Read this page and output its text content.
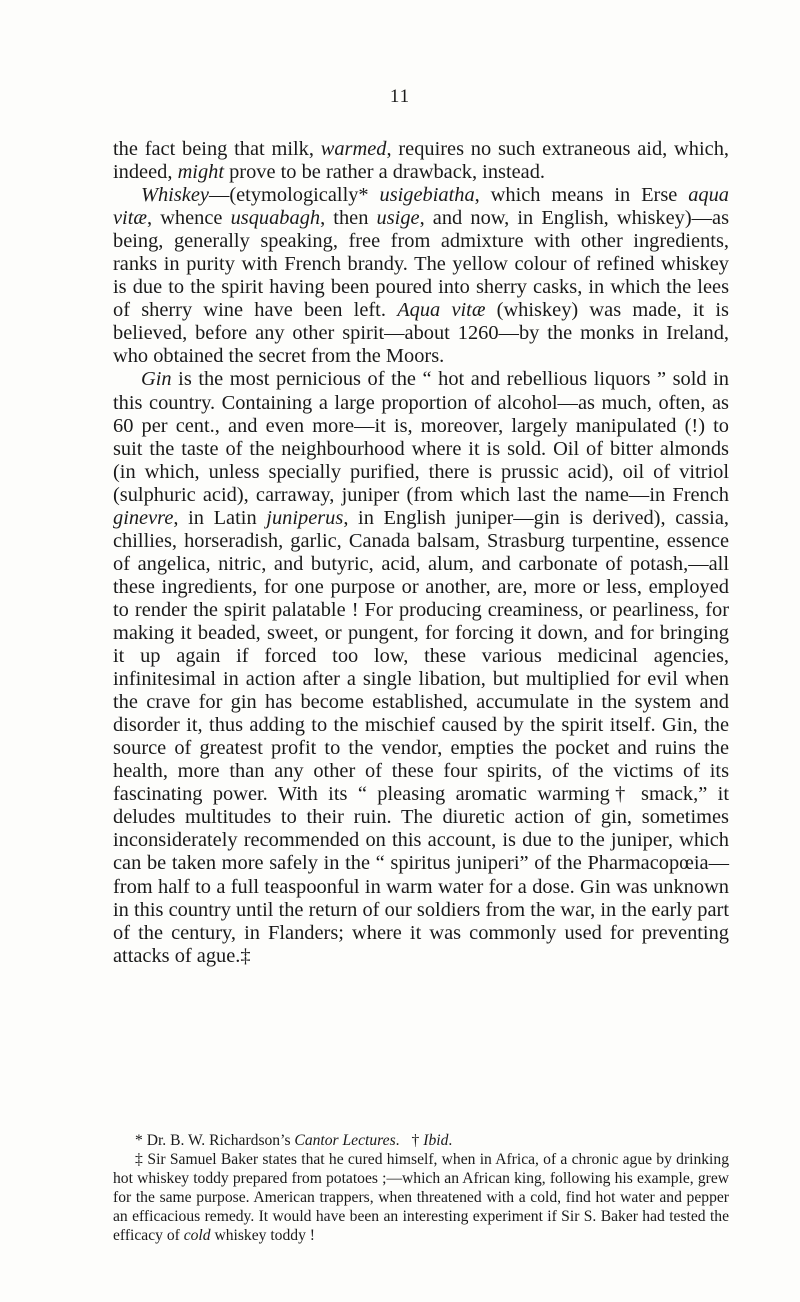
11

the fact being that milk, warmed, requires no such extraneous aid, which, indeed, might prove to be rather a drawback, instead.

Whiskey—(etymologically* usigebiatha, which means in Erse aqua vitæ, whence usquabagh, then usige, and now, in English, whiskey)—as being, generally speaking, free from admixture with other ingredients, ranks in purity with French brandy. The yellow colour of refined whiskey is due to the spirit having been poured into sherry casks, in which the lees of sherry wine have been left. Aqua vitæ (whiskey) was made, it is believed, before any other spirit—about 1260—by the monks in Ireland, who obtained the secret from the Moors.

Gin is the most pernicious of the “ hot and rebellious liquors ” sold in this country. Containing a large proportion of alcohol—as much, often, as 60 per cent., and even more—it is, moreover, largely manipulated (!) to suit the taste of the neighbourhood where it is sold. Oil of bitter almonds (in which, unless specially purified, there is prussic acid), oil of vitriol (sulphuric acid), carraway, juniper (from which last the name—in French ginevre, in Latin juniperus, in English juniper—gin is derived), cassia, chillies, horseradish, garlic, Canada balsam, Strasburg turpentine, essence of angelica, nitric, and butyric, acid, alum, and carbonate of potash,—all these ingredients, for one purpose or another, are, more or less, employed to render the spirit palatable ! For producing creaminess, or pearliness, for making it beaded, sweet, or pungent, for forcing it down, and for bringing it up again if forced too low, these various medicinal agencies, infinitesimal in action after a single libation, but multiplied for evil when the crave for gin has become established, accumulate in the system and disorder it, thus adding to the mischief caused by the spirit itself. Gin, the source of greatest profit to the vendor, empties the pocket and ruins the health, more than any other of these four spirits, of the victims of its fascinating power. With its “ pleasing aromatic warming† smack,” it deludes multitudes to their ruin. The diuretic action of gin, sometimes inconsiderately recommended on this account, is due to the juniper, which can be taken more safely in the “ spiritus juniperi” of the Pharmacopœia—from half to a full teaspoonful in warm water for a dose. Gin was unknown in this country until the return of our soldiers from the war, in the early part of the century, in Flanders; where it was commonly used for preventing attacks of ague.‡

* Dr. B. W. Richardson’s Cantor Lectures. † Ibid.

‡ Sir Samuel Baker states that he cured himself, when in Africa, of a chronic ague by drinking hot whiskey toddy prepared from potatoes ;—which an African king, following his example, grew for the same purpose. American trappers, when threatened with a cold, find hot water and pepper an efficacious remedy. It would have been an interesting experiment if Sir S. Baker had tested the efficacy of cold whiskey toddy !
